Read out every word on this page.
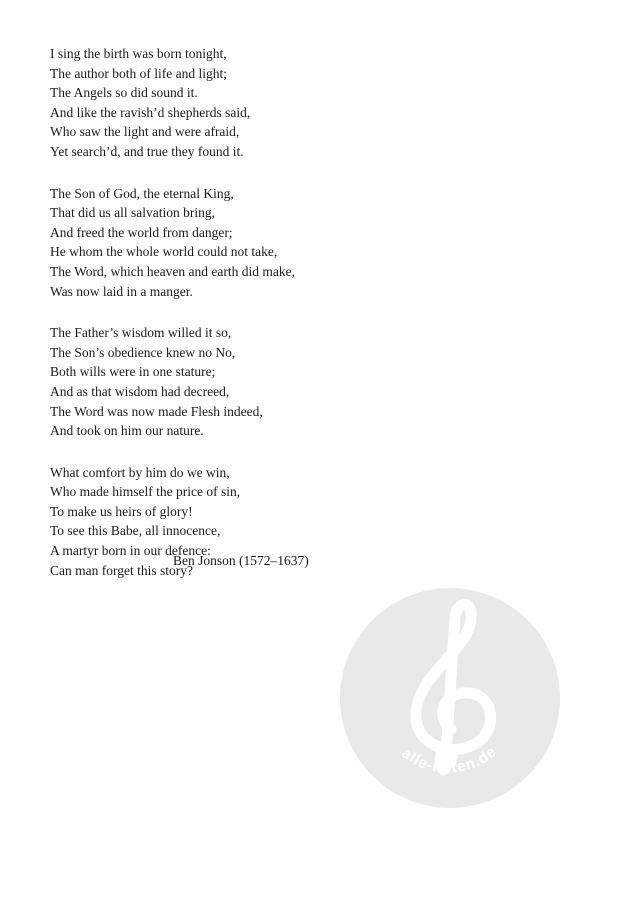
I sing the birth was born tonight,
The author both of life and light;
The Angels so did sound it.
And like the ravish’d shepherds said,
Who saw the light and were afraid,
Yet search’d, and true they found it.
The Son of God, the eternal King,
That did us all salvation bring,
And freed the world from danger;
He whom the whole world could not take,
The Word, which heaven and earth did make,
Was now laid in a manger.
The Father’s wisdom willed it so,
The Son’s obedience knew no No,
Both wills were in one stature;
And as that wisdom had decreed,
The Word was now made Flesh indeed,
And took on him our nature.
What comfort by him do we win,
Who made himself the price of sin,
To make us heirs of glory!
To see this Babe, all innocence,
A martyr born in our defence:
Can man forget this story?
Ben Jonson (1572–1637)
alle-noten.de
